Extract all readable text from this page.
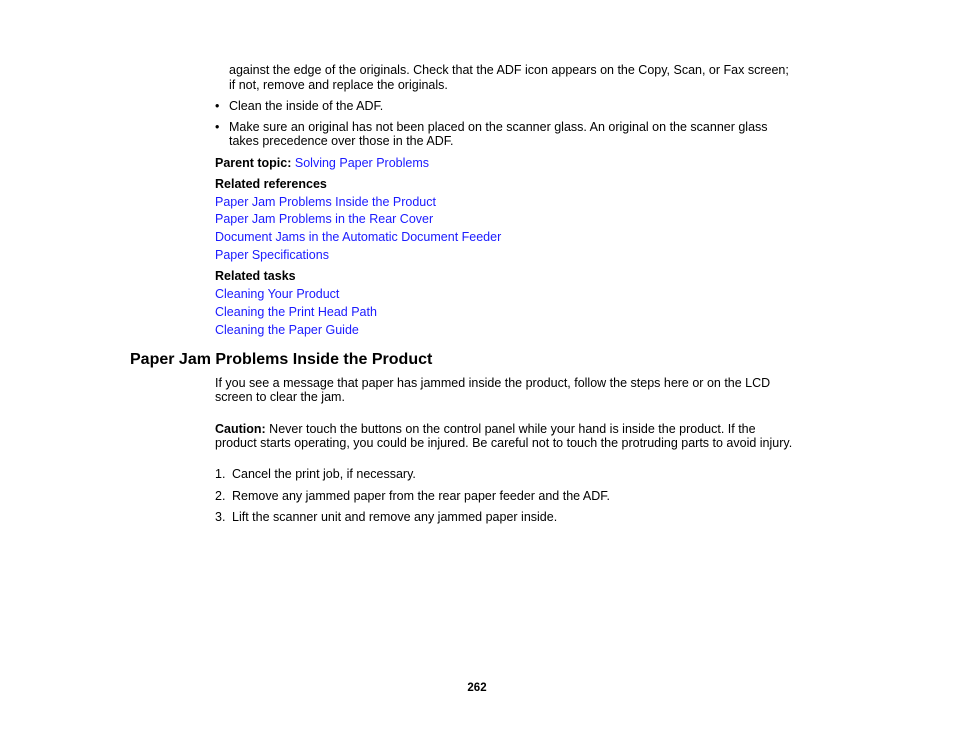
against the edge of the originals. Check that the ADF icon appears on the Copy, Scan, or Fax screen;
if not, remove and replace the originals.
• Clean the inside of the ADF.
• Make sure an original has not been placed on the scanner glass. An original on the scanner glass
takes precedence over those in the ADF.
Parent topic: Solving Paper Problems
Related references
Paper Jam Problems Inside the Product
Paper Jam Problems in the Rear Cover
Document Jams in the Automatic Document Feeder
Paper Specifications
Related tasks
Cleaning Your Product
Cleaning the Print Head Path
Cleaning the Paper Guide
Paper Jam Problems Inside the Product
If you see a message that paper has jammed inside the product, follow the steps here or on the LCD
screen to clear the jam.
Caution: Never touch the buttons on the control panel while your hand is inside the product. If the
product starts operating, you could be injured. Be careful not to touch the protruding parts to avoid injury.
1. Cancel the print job, if necessary.
2. Remove any jammed paper from the rear paper feeder and the ADF.
3. Lift the scanner unit and remove any jammed paper inside.
262
